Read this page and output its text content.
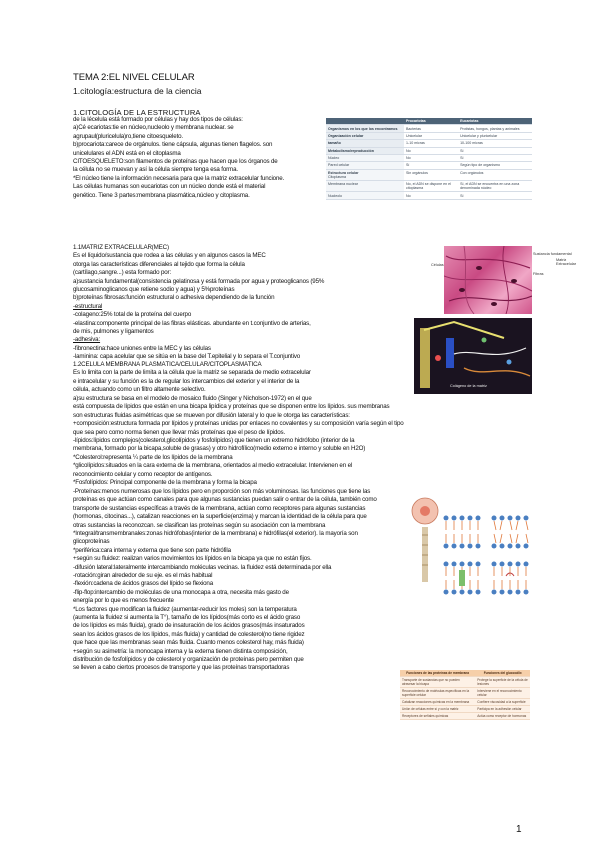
TEMA 2:EL NIVEL CELULAR
1.citología:estructura de la ciencia
1.CITOLOGÍA DE LA ESTRUCTURA
de la lécelula está formado por células y hay dos tipos de células:
a)Cé ecariotas:tie en núcleo,nucleolo y membrana nuclear. se
agrupaul(pluricelula)ro,tiene citoesqueleto.
b)procariota:carece de orgánulos. tiene cápsula, algunas tienen flagelos. son
unicelulares el ADN está en el citoplasma
CITOESQUELETO:son filamentos de proteínas que hacen que los órganos de
la célula no se muevan y así la célula siempre tenga esa forma.
*El núcleo tiene la información necesaria para que la matriz extracelular funcione.
Las células humanas son eucariotas con un núcleo donde está el material
genético. Tiene 3 partes:membrana plasmática,núcleo y citoplasma.
1.1MATRIZ EXTRACELULAR(MEC)
Es el líquido/sustancia que rodea a las células y en algunos casos la MEC
otorga las características diferenciales al tejido que forma la célula
(cartílago,sangre...) esta formado por:
a)sustancia fundamental(consistencia gelatinosa y está formada por agua y proteoglicanos (95%
glucosaminoglicanos que retiene sodio y agua) y 5%proteínas
b)proteínas fibrosas:función estructural o adhesiva dependiendo de la función
-estructural
-colageno:25% total de la proteína del cuerpo
-elastina:componente principal de las fibras elásticas. abundante en t.conjuntivo de arterias,
de mis, pulmones y ligamentos
-adhesiva:
-fibronectina:hace uniones entre la MEC y las células
-laminina: capa acelular que se sitúa en la base del T.epitelial y lo separa el T.conjuntivo
1.2CELULA MEMBRANA PLASMÁTICA/CELULAR/CITOPLASMÁTICA
Es lo limita con la parte de limita a la célula que la matriz se separada de medio extracelular
e intracelular y su función es la de regular los intercambios del exterior y el interior de la
célula, actuando como un filtro altamente selectivo.
a)su estructura se basa en el modelo de mosaico fluido (Singer y Nicholson-1972) en el que
está compuesta de lípidos que están en una bicapa lipídica y proteínas que se disponen entre los lípidos. sus membranas
son estructuras fluidas asimétricas que se mueven por difusión lateral y lo que le otorga las características:
+composición:estructura formada por lípidos y proteínas unidas por enlaces no covalentes y su composición varía según el tipo
que sea pero como norma tienen que llevar más proteínas que el peso de lípidos.
-lípidos:lípidos complejos(colesterol,glicolípidos y fosfolípidos) que tienen un extremo hidrófobo (interior de la
membrana, formado por la bicapa,soluble de grasas) y otro hidrofílico(medio externo e interno y soluble en H2O)
*Colesterol:representa ¼ parte de los lípidos de la membrana
*glicolípidos:situados en la cara externa de la membrana, orientados al medio extracelular. Intervienen en el
reconocimiento celular y como receptor de antígenos.
*Fosfolípidos: Principal componente de la membrana y forma la bicapa
-Proteínas:menos numerosas que los lípidos pero en proporción son más voluminosas. las funciones que tiene las
proteínas es que actúan como canales para que algunas sustancias puedan salir o entrar de la célula, también como
transporte de sustancias específicas a través de la membrana, actúan como receptores para algunas sustancias
(hormonas, citocinas...), catalizan reacciones en la superficie(enzima) y marcan la identidad de la célula para que
otras sustancias la reconozcan. se clasifican las proteínas según su asociación con la membrana
*Integral/transmembranales:zonas hidrófobas(interior de la membrana) e hidrófilas(el exterior). la mayoría son
glicoproteínas
*periférica:cara interna y externa que tiene son parte hidrófila
+según su fluidez: realizan varios movimientos los lípidos en la bicapa ya que no están fijos.
-difusión lateral:lateralmente intercambiando moléculas vecinas. la fluidez está determinada por ella
-rotación:giran alrededor de su eje. es el más habitual
-flexión:cadena de ácidos grasos del lípido se flexiona
-flip-flop:intercambio de moléculas de una monocapa a otra, necesita más gasto de
energía por lo que es menos frecuente
*Los factores que modifican la fluidez (aumentar-reducir los moles) son la temperatura
(aumenta la fluidez si aumenta la T°), tamaño de los lípidos(más corto es el ácido graso
de los lípidos es más fluida), grado de insaturación de los ácidos grasos(más insaturados
sean los ácidos grasos de los lípidos, más fluida) y cantidad de colesterol(no tiene rigidez
que hace que las membranas sean más fluida. Cuanto menos colesterol hay, más fluida)
+según su asimetría: la monocapa interna y la externa tienen distinta composición,
distribución de fosfolípidos y de colesterol y organización de proteínas pero permiten que
se lleven a cabo ciertos procesos de transporte y que las proteínas transportadoras
	Procariotas	Eucariotas
Organismos en los que los encontramos	Bacterias	Protistas, hongos, plantas y animales
Organización celular	Unicelular	Unicelular y pluricelular
tamaño	1-10 micras	10-100 micras
Metabolismo/reproducción	No	Sí
Núcleo	No	Sí
Pared celular	Sí	Según tipo de organismo
Estructura celular
Citoplasma	Sin orgánulos	Con orgánulos
Membrana nuclear	No, el ADN se dispone en el citoplasma	Sí, el ADN se encuentra en una zona denominada núcleo
Nucleolo	No	Sí
Células
Sustancia fundamental
Fibras
Matriz Extracelular
Colágeno de la matriz
Funciones de las proteínas de membrana	Funciones del glucocálix
Transporte de sustancias que no pueden atravesar la bicapa	Protege la superficie de la célula de lesiones
Reconocimiento de moléculas específicas en la superficie celular	Interviene en el reconocimiento celular
Catalizan reacciones químicas en la membrana	Confiere viscosidad a la superficie
Unión de células entre sí y con la matriz	Participa en la adhesión celular
Receptores de señales químicas	Actúa como receptor de hormonas
1
